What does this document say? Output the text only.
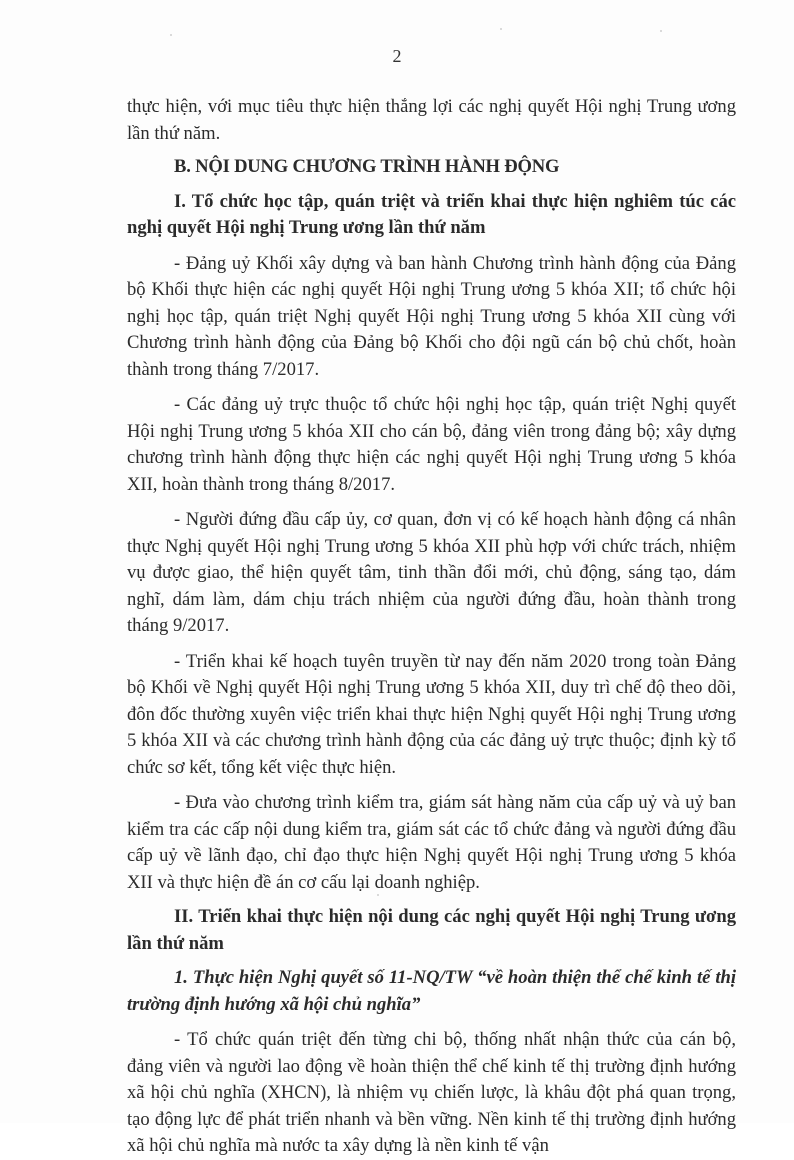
2

thực hiện, với mục tiêu thực hiện thắng lợi các nghị quyết Hội nghị Trung ương lần thứ năm.

B. NỘI DUNG CHƯƠNG TRÌNH HÀNH ĐỘNG

I. Tổ chức học tập, quán triệt và triển khai thực hiện nghiêm túc các nghị quyết Hội nghị Trung ương lần thứ năm

- Đảng uỷ Khối xây dựng và ban hành Chương trình hành động của Đảng bộ Khối thực hiện các nghị quyết Hội nghị Trung ương 5 khóa XII; tổ chức hội nghị học tập, quán triệt Nghị quyết Hội nghị Trung ương 5 khóa XII cùng với Chương trình hành động của Đảng bộ Khối cho đội ngũ cán bộ chủ chốt, hoàn thành trong tháng 7/2017.

- Các đảng uỷ trực thuộc tổ chức hội nghị học tập, quán triệt Nghị quyết Hội nghị Trung ương 5 khóa XII cho cán bộ, đảng viên trong đảng bộ; xây dựng chương trình hành động thực hiện các nghị quyết Hội nghị Trung ương 5 khóa XII, hoàn thành trong tháng 8/2017.

- Người đứng đầu cấp ủy, cơ quan, đơn vị có kế hoạch hành động cá nhân thực Nghị quyết Hội nghị Trung ương 5 khóa XII phù hợp với chức trách, nhiệm vụ được giao, thể hiện quyết tâm, tinh thần đổi mới, chủ động, sáng tạo, dám nghĩ, dám làm, dám chịu trách nhiệm của người đứng đầu, hoàn thành trong tháng 9/2017.

- Triển khai kế hoạch tuyên truyền từ nay đến năm 2020 trong toàn Đảng bộ Khối về Nghị quyết Hội nghị Trung ương 5 khóa XII, duy trì chế độ theo dõi, đôn đốc thường xuyên việc triển khai thực hiện Nghị quyết Hội nghị Trung ương 5 khóa XII và các chương trình hành động của các đảng uỷ trực thuộc; định kỳ tổ chức sơ kết, tổng kết việc thực hiện.

- Đưa vào chương trình kiểm tra, giám sát hàng năm của cấp uỷ và uỷ ban kiểm tra các cấp nội dung kiểm tra, giám sát các tổ chức đảng và người đứng đầu cấp uỷ về lãnh đạo, chỉ đạo thực hiện Nghị quyết Hội nghị Trung ương 5 khóa XII và thực hiện đề án cơ cấu lại doanh nghiệp.

II. Triển khai thực hiện nội dung các nghị quyết Hội nghị Trung ương lần thứ năm

1. Thực hiện Nghị quyết số 11-NQ/TW “về hoàn thiện thể chế kinh tế thị trường định hướng xã hội chủ nghĩa”

- Tổ chức quán triệt đến từng chi bộ, thống nhất nhận thức của cán bộ, đảng viên và người lao động về hoàn thiện thể chế kinh tế thị trường định hướng xã hội chủ nghĩa (XHCN), là nhiệm vụ chiến lược, là khâu đột phá quan trọng, tạo động lực để phát triển nhanh và bền vững. Nền kinh tế thị trường định hướng xã hội chủ nghĩa mà nước ta xây dựng là nền kinh tế vận
